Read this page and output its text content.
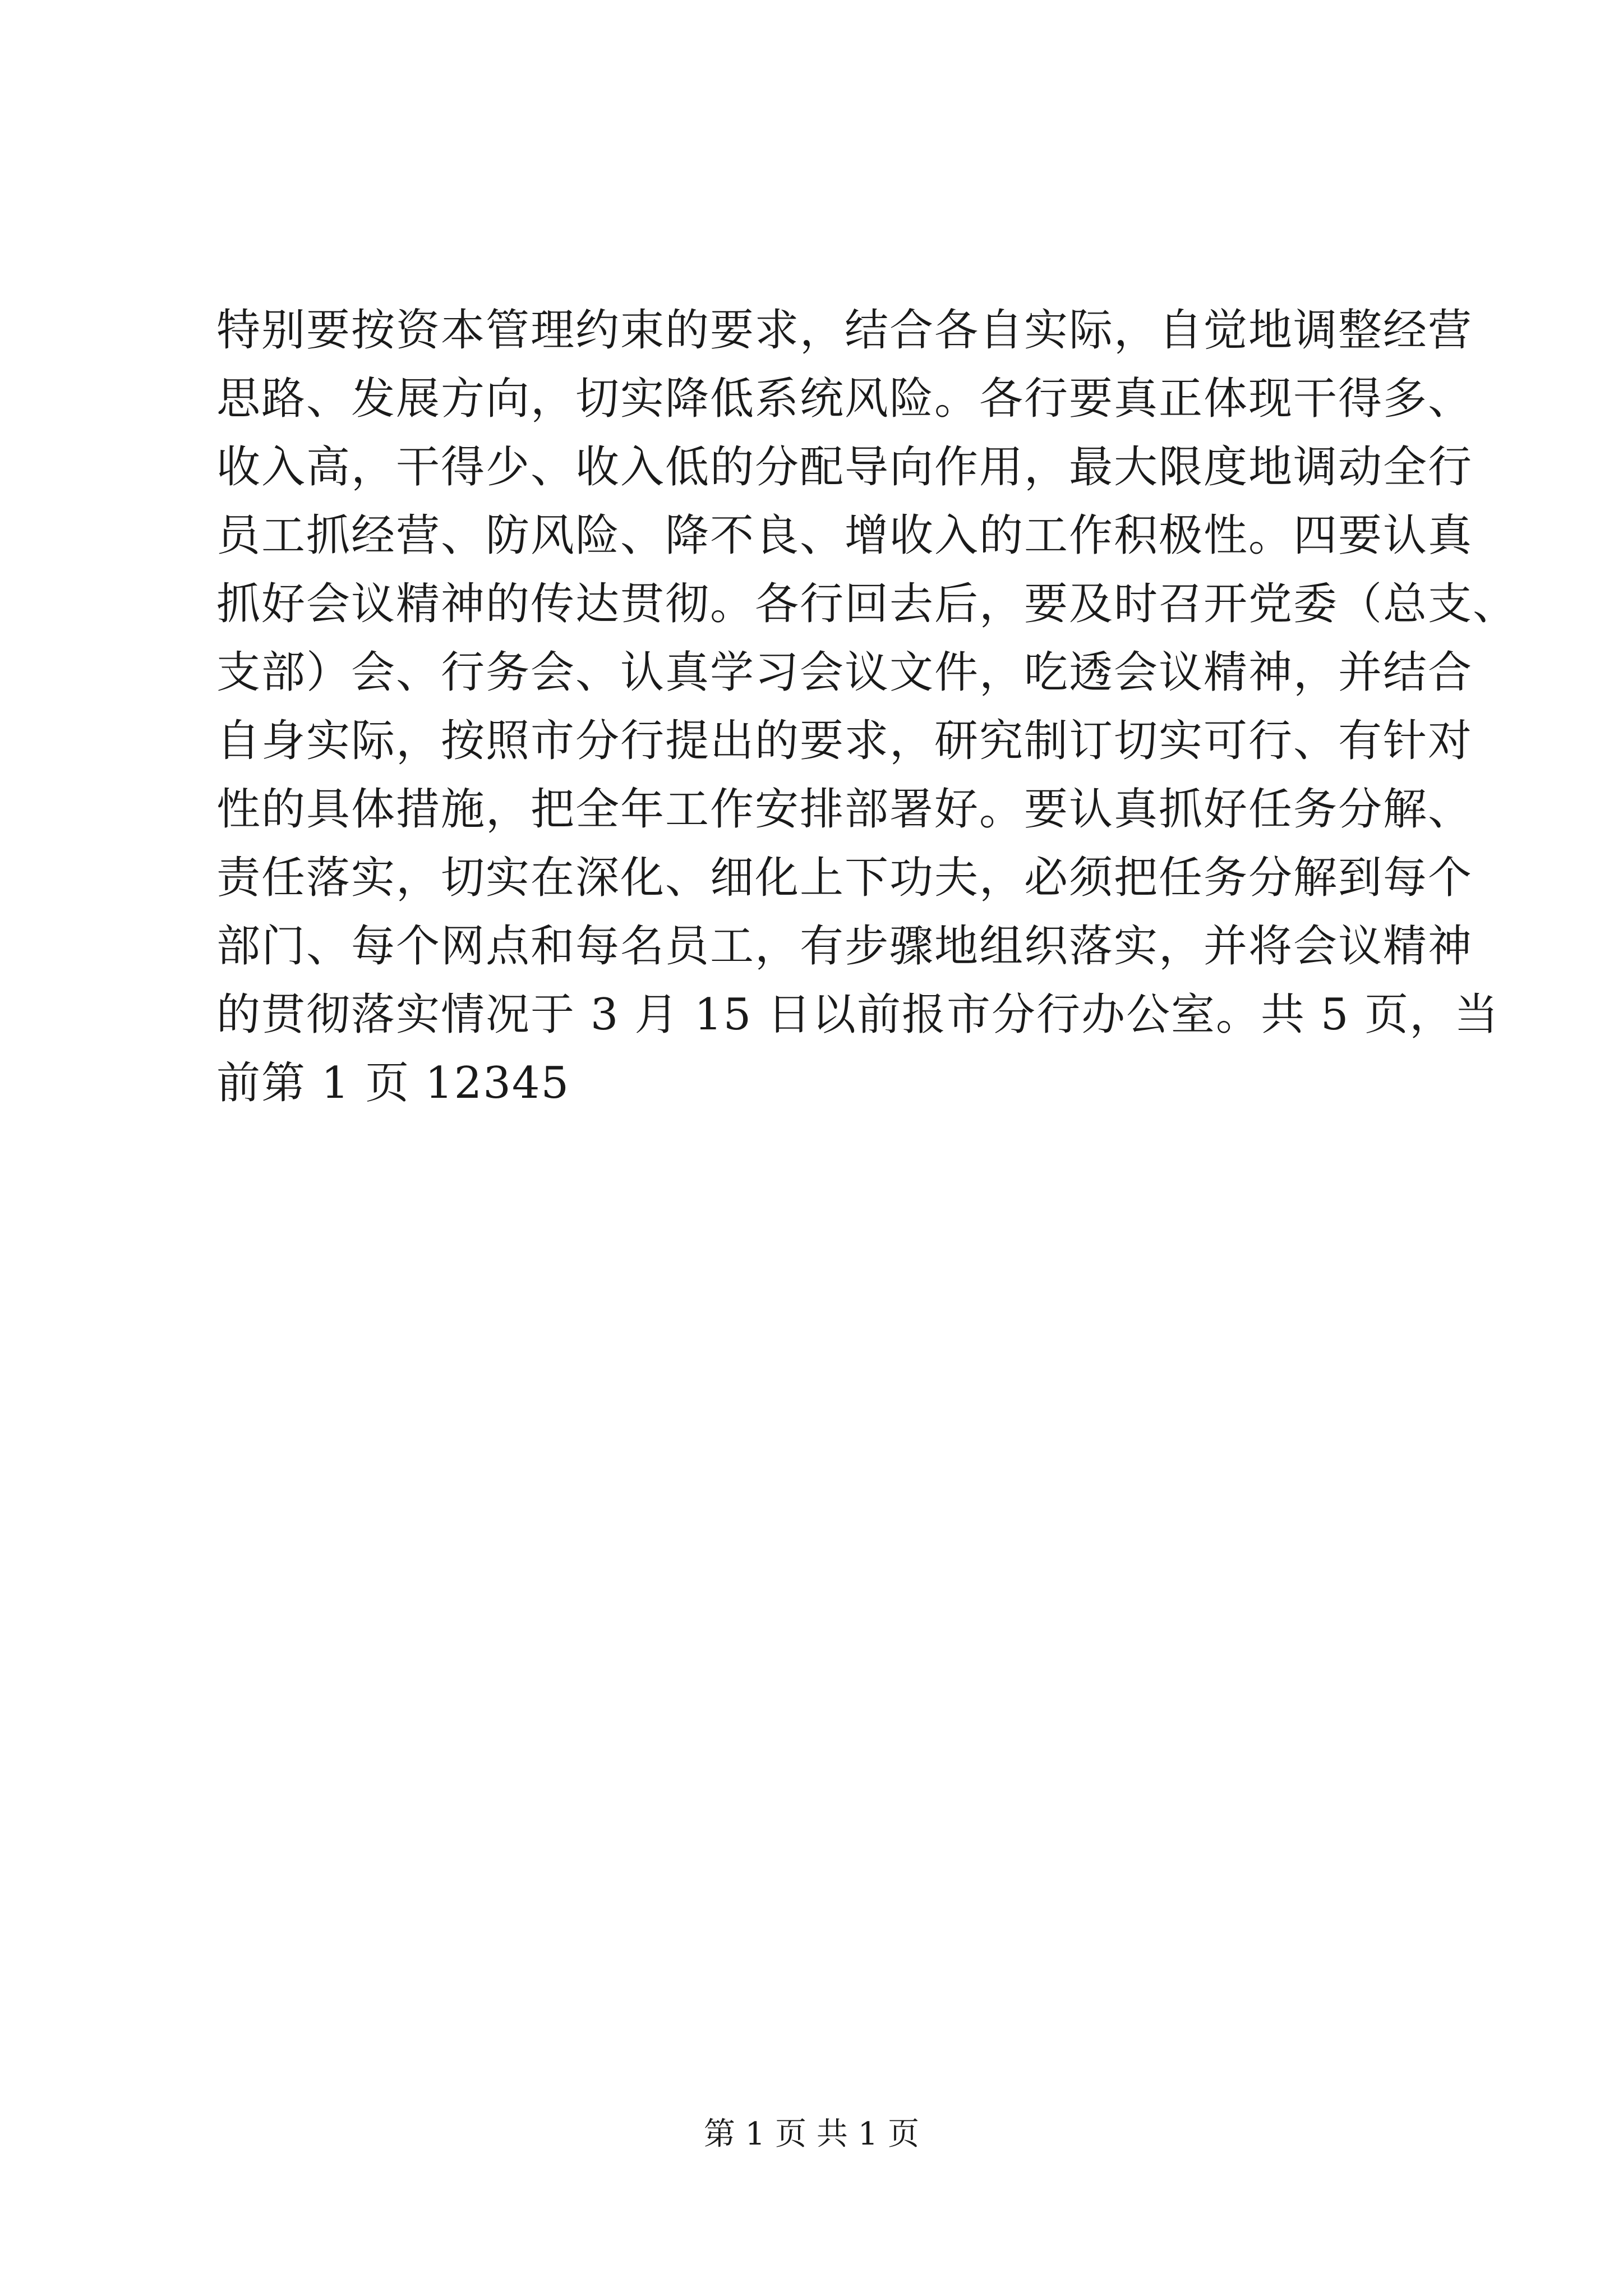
特别要按资本管理约束的要求，结合各自实际，自觉地调整经营
思路、发展方向，切实降低系统风险。各行要真正体现干得多、
收入高，干得少、收入低的分配导向作用，最大限度地调动全行
员工抓经营、防风险、降不良、增收入的工作积极性。四要认真
抓好会议精神的传达贯彻。各行回去后，要及时召开党委（总支、
支部）会、行务会、认真学习会议文件，吃透会议精神，并结合
自身实际，按照市分行提出的要求，研究制订切实可行、有针对
性的具体措施，把全年工作安排部署好。要认真抓好任务分解、
责任落实，切实在深化、细化上下功夫，必须把任务分解到每个
部门、每个网点和每名员工，有步骤地组织落实，并将会议精神
的贯彻落实情况于 3 月 15 日以前报市分行办公室。共 5 页，当
前第 1 页 12345
第 1 页 共 1 页
